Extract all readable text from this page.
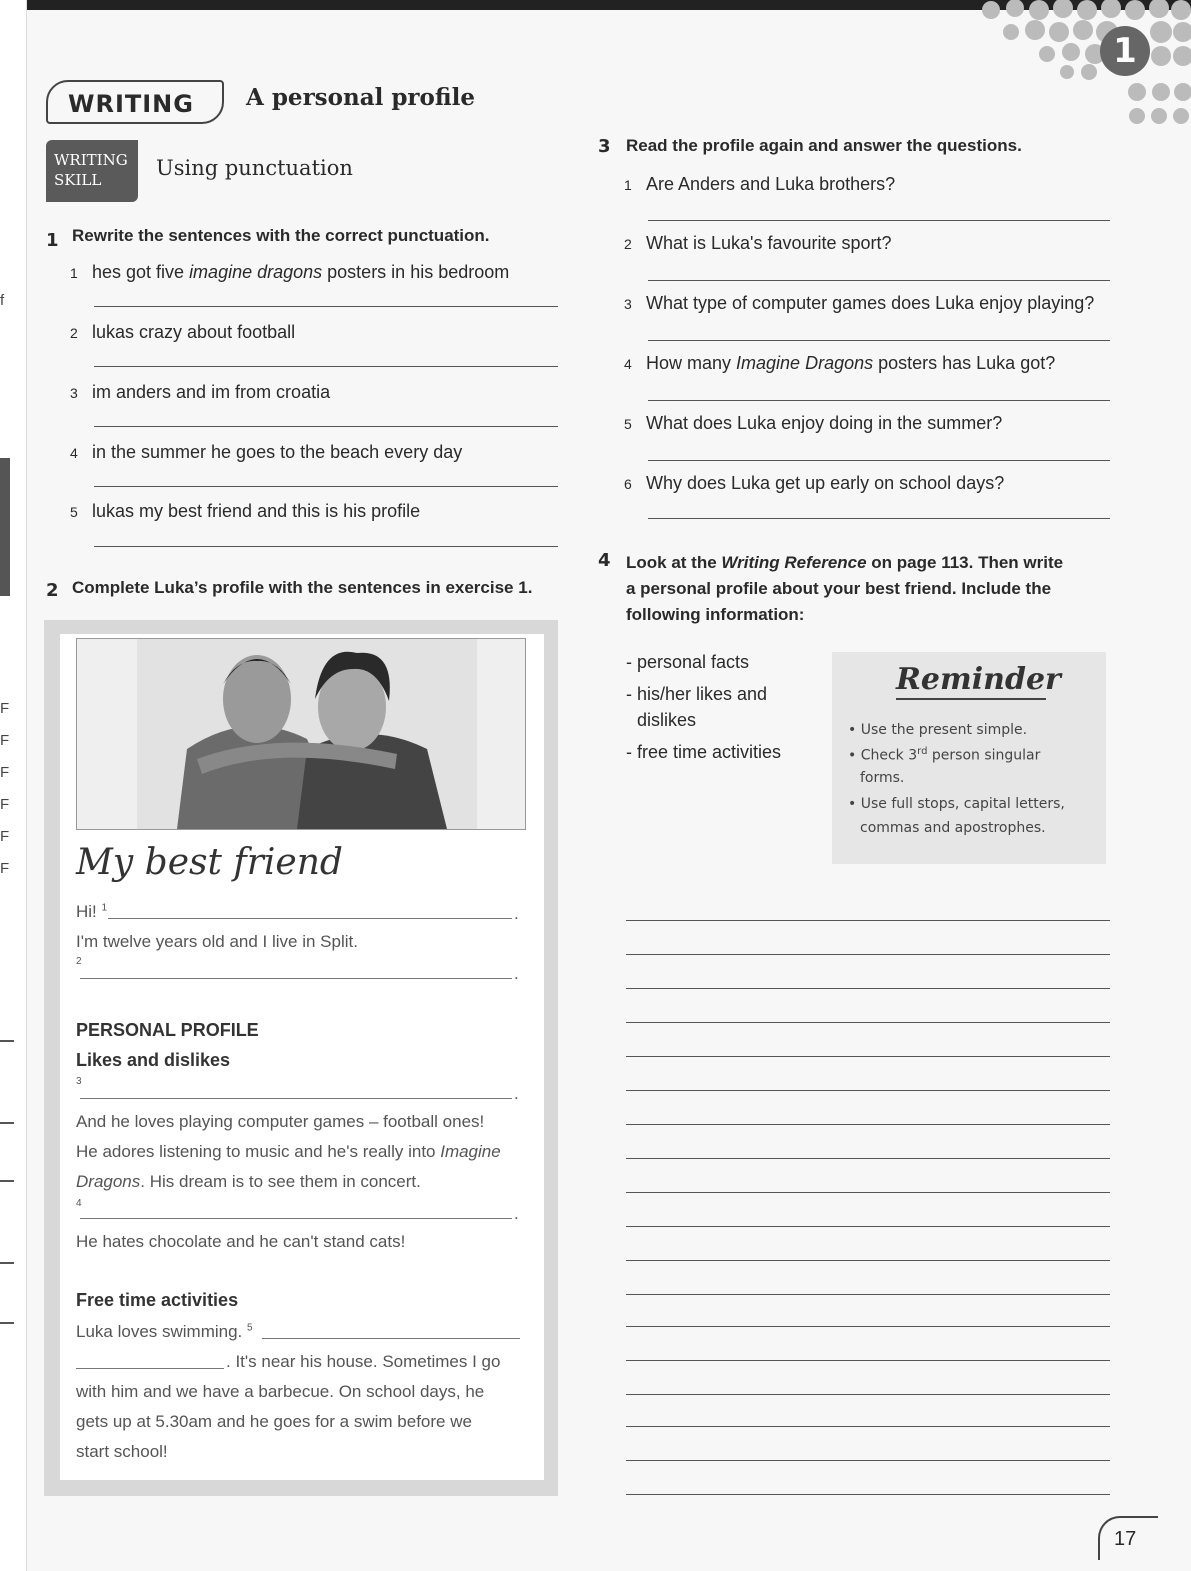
f
F
F
F
F
F
F
1
WRITING	A personal profile
WRITING
SKILL	Using punctuation
1 Rewrite the sentences with the correct punctuation.
1 hes got five imagine dragons posters in his bedroom
2 lukas crazy about football
3 im anders and im from croatia
4 in the summer he goes to the beach every day
5 lukas my best friend and this is his profile
2 Complete Luka’s profile with the sentences in exercise 1.
My best friend
Hi! $^1$	.
I'm twelve years old and I live in Split.
2
.
PERSONAL PROFILE
Likes and dislikes
3
.
And he loves playing computer games – football ones!
He adores listening to music and he's really into Imagine
Dragons. His dream is to see them in concert.
4
.
He hates chocolate and he can't stand cats!
Free time activities
Luka loves swimming. $^5$
. It's near his house. Sometimes I go
with him and we have a barbecue. On school days, he
gets up at 5.30am and he goes for a swim before we
start school!
3 Read the profile again and answer the questions.
1 Are Anders and Luka brothers?
2 What is Luka's favourite sport?
3 What type of computer games does Luka enjoy playing?
4 How many Imagine Dragons posters has Luka got?
5 What does Luka enjoy doing in the summer?
6 Why does Luka get up early on school days?
4 Look at the Writing Reference on page 113. Then write
a personal profile about your best friend. Include the
following information:
- personal facts
- his/her likes and
dislikes
- free time activities
Reminder
• Use the present simple.
• Check 3rd person singular
forms.
• Use full stops, capital letters,
commas and apostrophes.
17
